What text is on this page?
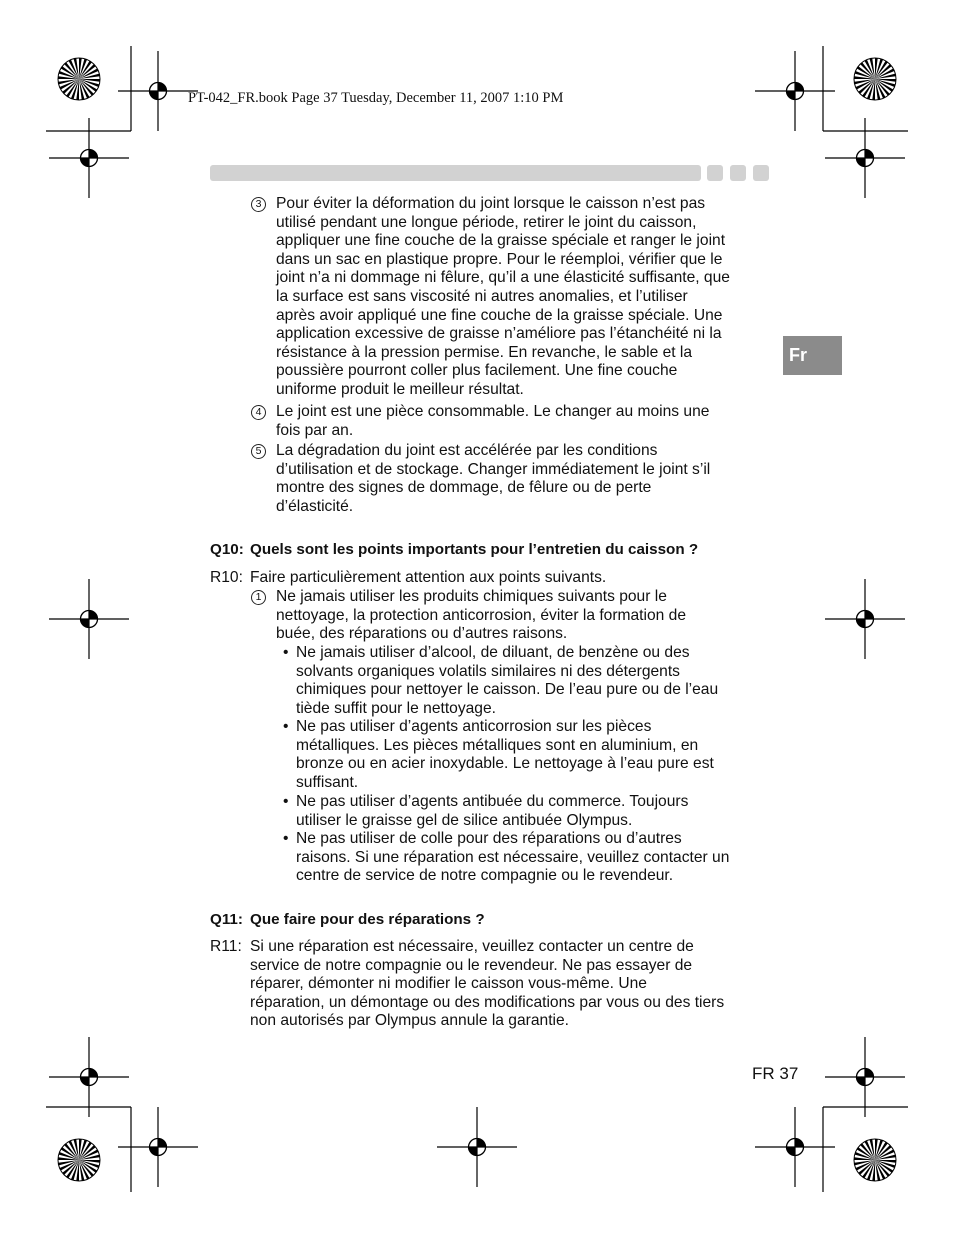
PT-042_FR.book Page 37 Tuesday, December 11, 2007 1:10 PM
Fr
3 Pour éviter la déformation du joint lorsque le caisson n’est pas
utilisé pendant une longue période, retirer le joint du caisson,
appliquer une fine couche de la graisse spéciale et ranger le joint
dans un sac en plastique propre. Pour le réemploi, vérifier que le
joint n’a ni dommage ni fêlure, qu’il a une élasticité suffisante, que
la surface est sans viscosité ni autres anomalies, et l’utiliser
après avoir appliqué une fine couche de la graisse spéciale. Une
application excessive de graisse n’améliore pas l’étanchéité ni la
résistance à la pression permise. En revanche, le sable et la
poussière pourront coller plus facilement. Une fine couche
uniforme produit le meilleur résultat.
4 Le joint est une pièce consommable. Le changer au moins une
fois par an.
5 La dégradation du joint est accélérée par les conditions
d’utilisation et de stockage. Changer immédiatement le joint s’il
montre des signes de dommage, de fêlure ou de perte
d’élasticité.
Q10: Quels sont les points importants pour l’entretien du caisson ?
R10: Faire particulièrement attention aux points suivants.
1 Ne jamais utiliser les produits chimiques suivants pour le
nettoyage, la protection anticorrosion, éviter la formation de
buée, des réparations ou d’autres raisons.
• Ne jamais utiliser d’alcool, de diluant, de benzène ou des
solvants organiques volatils similaires ni des détergents
chimiques pour nettoyer le caisson. De l’eau pure ou de l’eau
tiède suffit pour le nettoyage.
• Ne pas utiliser d’agents anticorrosion sur les pièces
métalliques. Les pièces métalliques sont en aluminium, en
bronze ou en acier inoxydable. Le nettoyage à l’eau pure est
suffisant.
• Ne pas utiliser d’agents antibuée du commerce. Toujours
utiliser le graisse gel de silice antibuée Olympus.
• Ne pas utiliser de colle pour des réparations ou d’autres
raisons. Si une réparation est nécessaire, veuillez contacter un
centre de service de notre compagnie ou le revendeur.
Q11: Que faire pour des réparations ?
R11: Si une réparation est nécessaire, veuillez contacter un centre de
service de notre compagnie ou le revendeur. Ne pas essayer de
réparer, démonter ni modifier le caisson vous-même. Une
réparation, un démontage ou des modifications par vous ou des tiers
non autorisés par Olympus annule la garantie.
FR 37
